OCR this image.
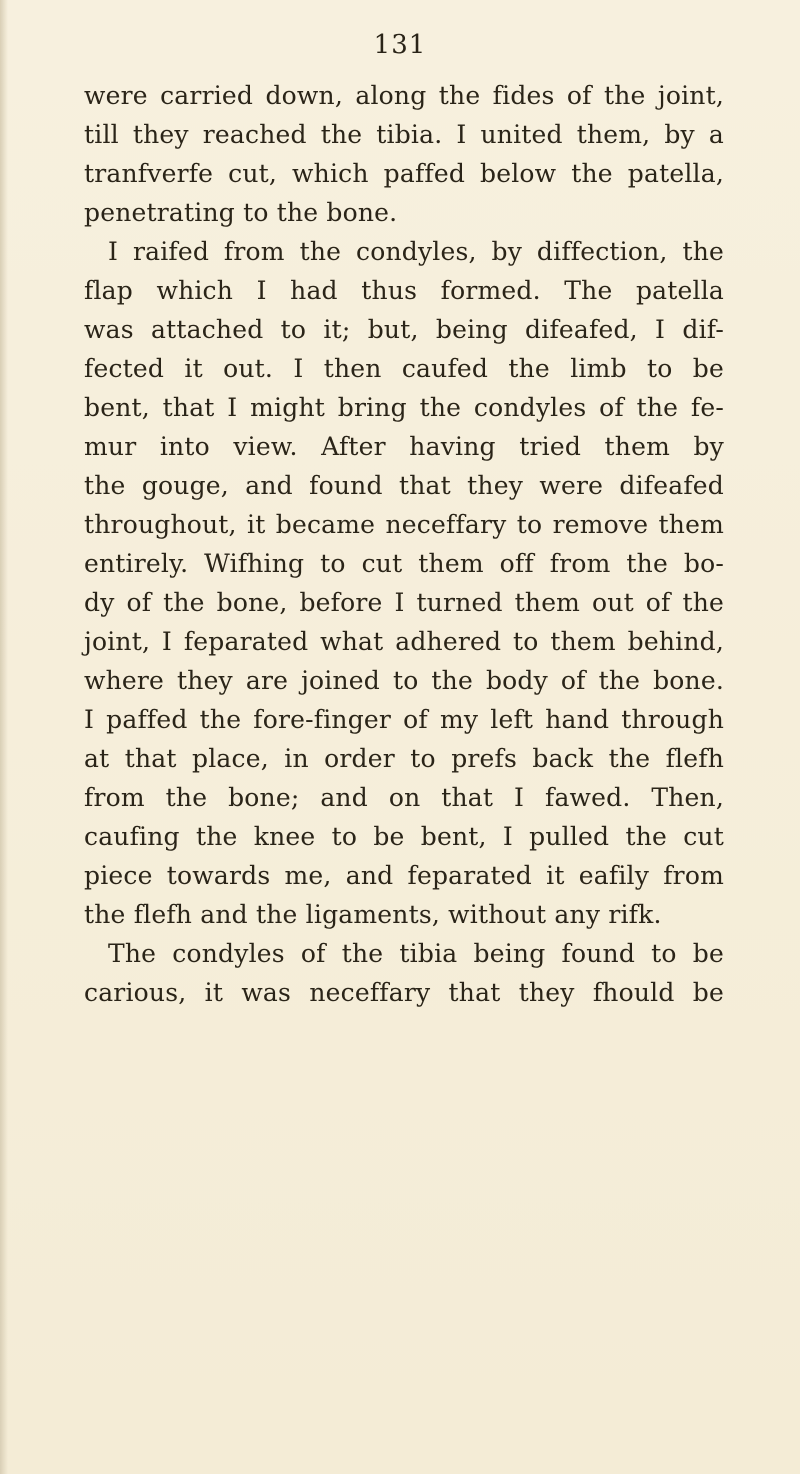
131
were carried down, along the fides of the joint,
till they reached the tibia. I united them, by a
tranfverfe cut, which paffed below the patella,
penetrating to the bone.
I raifed from the condyles, by diffection, the
flap which I had thus formed. The patella
was attached to it; but, being difeafed, I dif-
fected it out. I then caufed the limb to be
bent, that I might bring the condyles of the fe-
mur into view. After having tried them by
the gouge, and found that they were difeafed
throughout, it became neceffary to remove them
entirely. Wifhing to cut them off from the bo-
dy of the bone, before I turned them out of the
joint, I feparated what adhered to them behind,
where they are joined to the body of the bone.
I paffed the fore-finger of my left hand through
at that place, in order to prefs back the flefh
from the bone; and on that I fawed. Then,
caufing the knee to be bent, I pulled the cut
piece towards me, and feparated it eafily from
the flefh and the ligaments, without any rifk.
The condyles of the tibia being found to be
carious, it was neceffary that they fhould be
